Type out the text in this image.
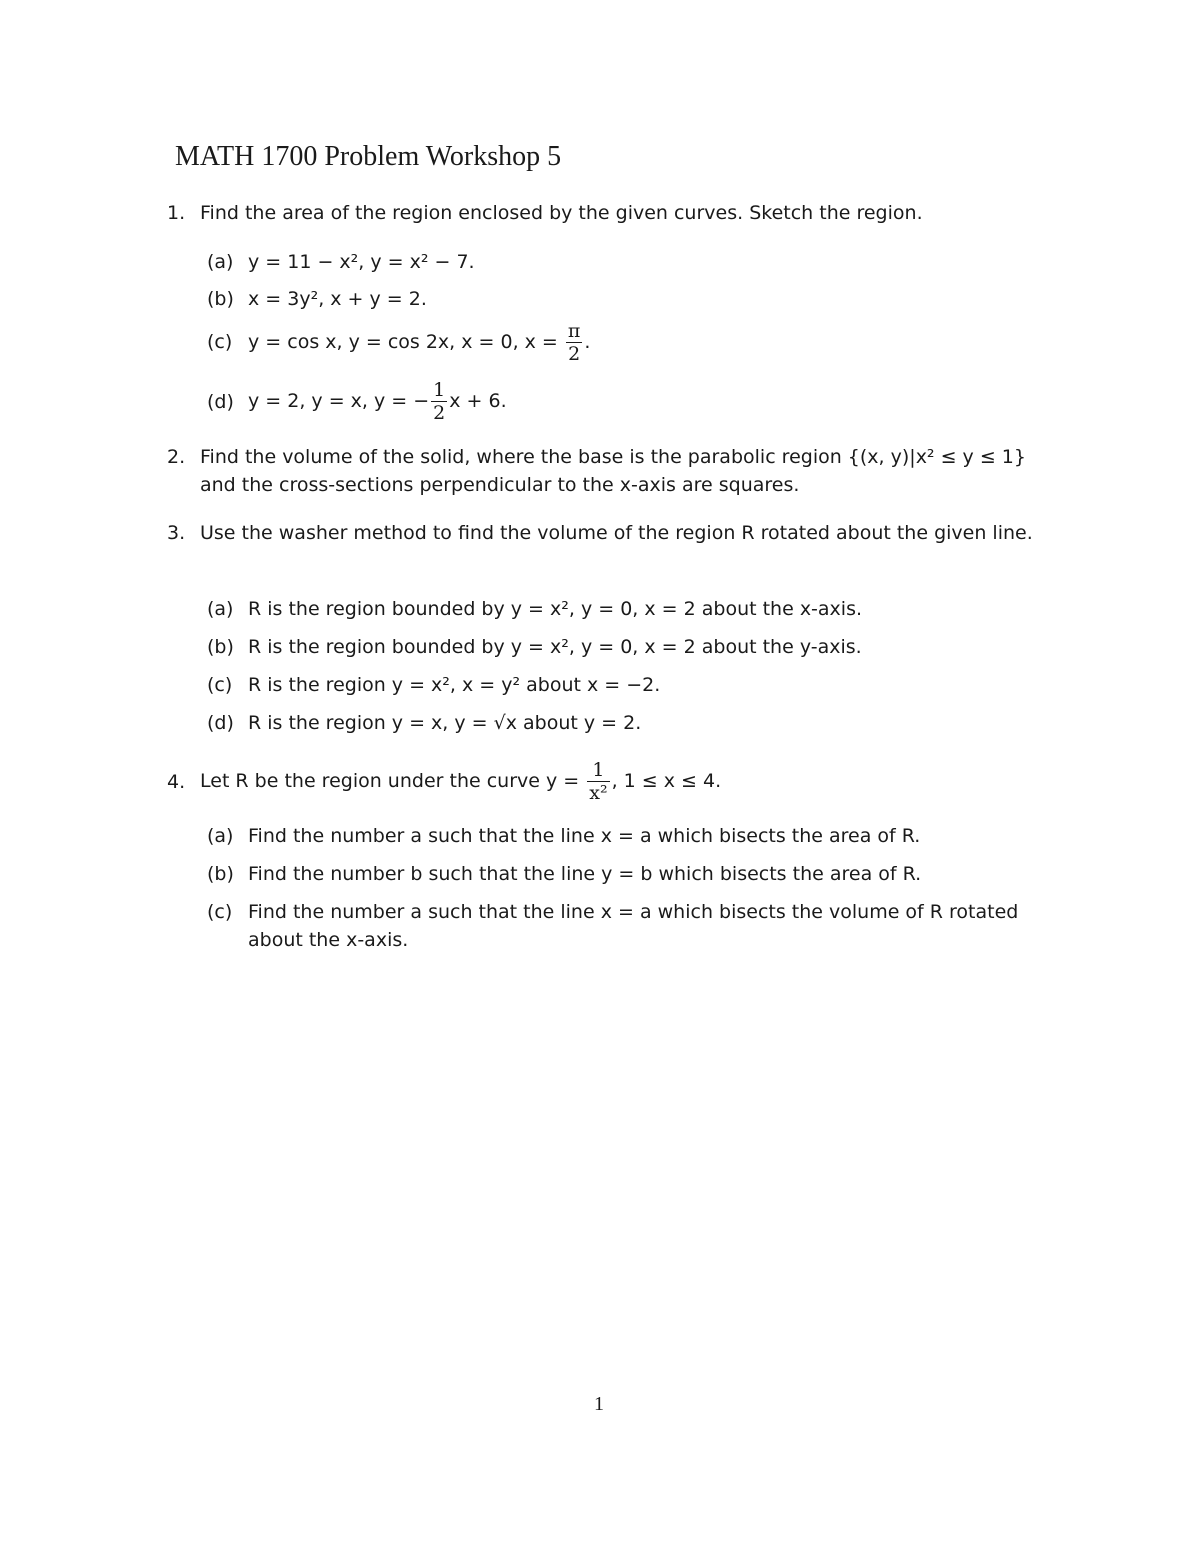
MATH 1700 Problem Workshop 5
1. Find the area of the region enclosed by the given curves. Sketch the region.
(a) y = 11 − x², y = x² − 7.
(b) x = 3y², x + y = 2.
(c) y = cos x, y = cos 2x, x = 0, $x = \frac{\pi}{2}$ .
(d) y = 2, y = x, y = − $\frac{1}{2}$ x + 6.
2. Find the volume of the solid, where the base is the parabolic region {(x, y)|x² ≤ y ≤ 1} and the cross-sections perpendicular to the x-axis are squares.
3. Use the washer method to find the volume of the region R rotated about the given line.
(a) R is the region bounded by y = x², y = 0, x = 2 about the x-axis.
(b) R is the region bounded by y = x², y = 0, x = 2 about the y-axis.
(c) R is the region y = x², x = y² about x = −2.
(d) R is the region y = x, y = √x about y = 2.
4. Let R be the region under the curve $y = \frac{1}{\text{x²}}$ , 1 ≤ x ≤ 4.
(a) Find the number a such that the line x = a which bisects the area of R.
(b) Find the number b such that the line y = b which bisects the area of R.
(c) Find the number a such that the line x = a which bisects the volume of R rotated about the x-axis.
1
